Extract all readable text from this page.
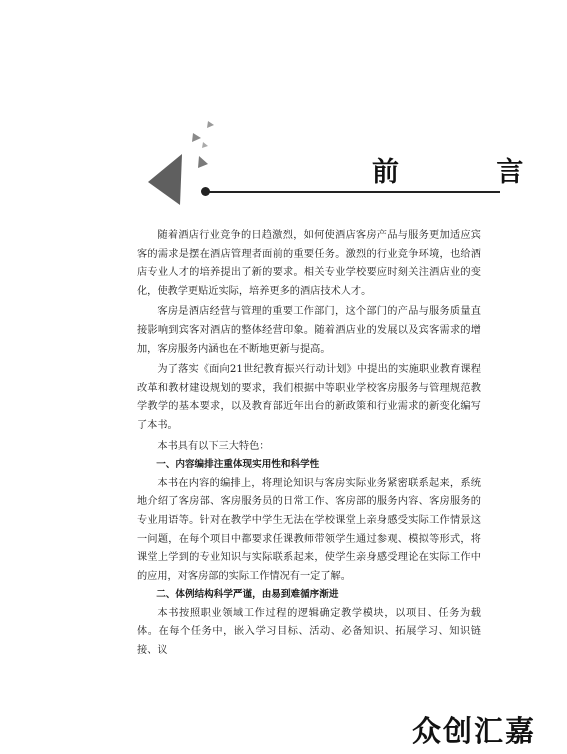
前 言

随着酒店行业竞争的日趋激烈，如何使酒店客房产品与服务更加适应宾客的需求是摆在酒店管理者面前的重要任务。激烈的行业竞争环境，也给酒店专业人才的培养提出了新的要求。相关专业学校要应时刻关注酒店业的变化，使教学更贴近实际，培养更多的酒店技术人才。

客房是酒店经营与管理的重要工作部门，这个部门的产品与服务质量直接影响到宾客对酒店的整体经营印象。随着酒店业的发展以及宾客需求的增加，客房服务内涵也在不断地更新与提高。

为了落实《面向21世纪教育振兴行动计划》中提出的实施职业教育课程改革和教材建设规划的要求，我们根据中等职业学校客房服务与管理规范教学教学的基本要求，以及教育部近年出台的新政策和行业需求的新变化编写了本书。

本书具有以下三大特色：

一、内容编排注重体现实用性和科学性

本书在内容的编排上，将理论知识与客房实际业务紧密联系起来，系统地介绍了客房部、客房服务员的日常工作、客房部的服务内容、客房服务的专业用语等。针对在教学中学生无法在学校课堂上亲身感受实际工作情景这一问题，在每个项目中都要求任课教师带领学生通过参观、模拟等形式，将课堂上学到的专业知识与实际联系起来，使学生亲身感受理论在实际工作中的应用，对客房部的实际工作情况有一定了解。

二、体例结构科学严谨，由易到难循序渐进

本书按照职业领域工作过程的逻辑确定教学模块，以项目、任务为载体。在每个任务中，嵌入学习目标、活动、必备知识、拓展学习、知识链接、议

众创汇嘉
